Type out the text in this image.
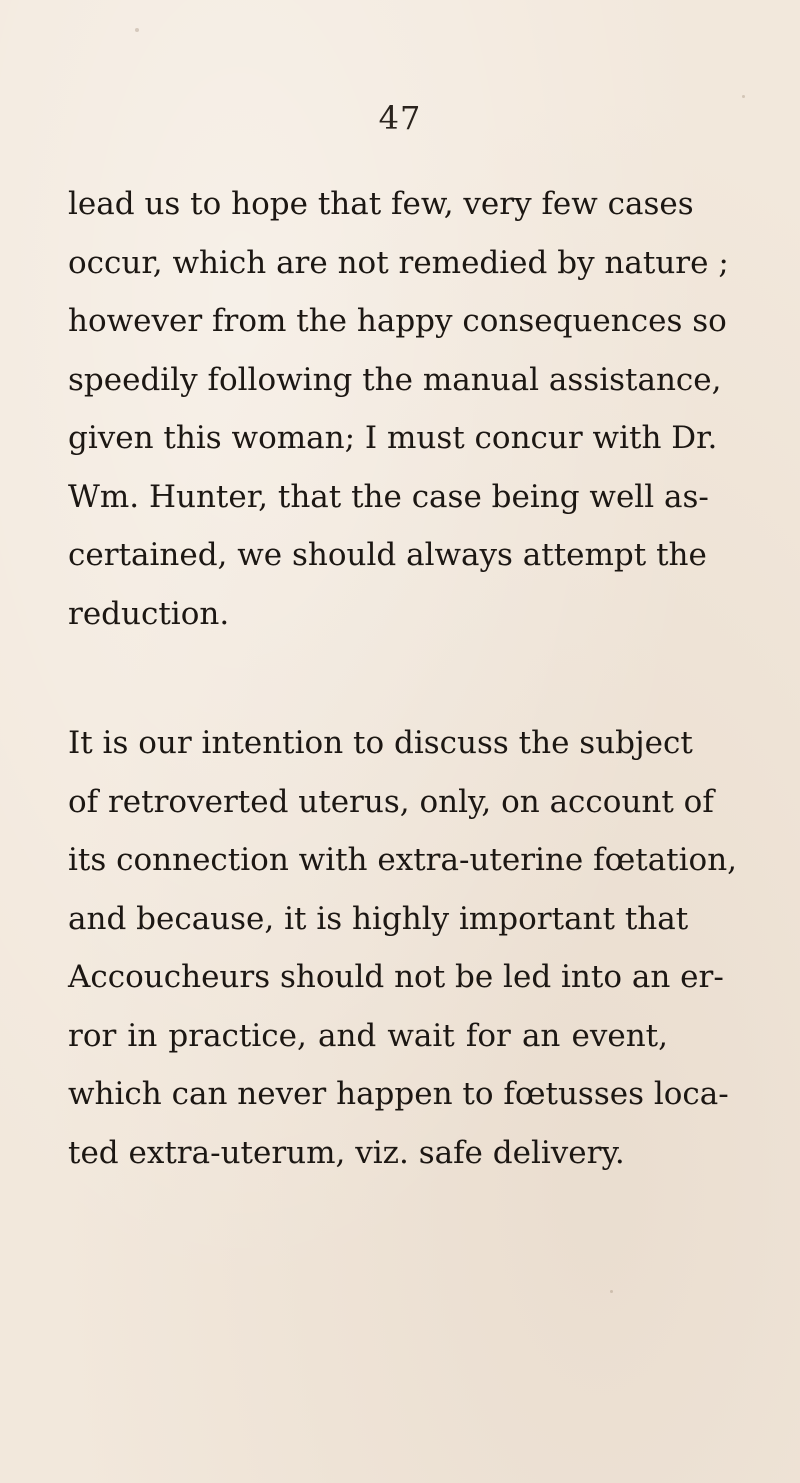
47
lead us to hope that few, very few cases
occur, which are not remedied by nature ;
however from the happy consequences so
speedily following the manual assistance,
given this woman; I must concur with Dr.
Wm. Hunter, that the case being well as-
certained, we should always attempt the
reduction.
It is our intention to discuss the subject
of retroverted uterus, only, on account of
its connection with extra-uterine fœtation,
and because, it is highly important that
Accoucheurs should not be led into an er-
ror in practice, and wait for an event,
which can never happen to fœtusses loca-
ted extra-uterum, viz. safe delivery.
